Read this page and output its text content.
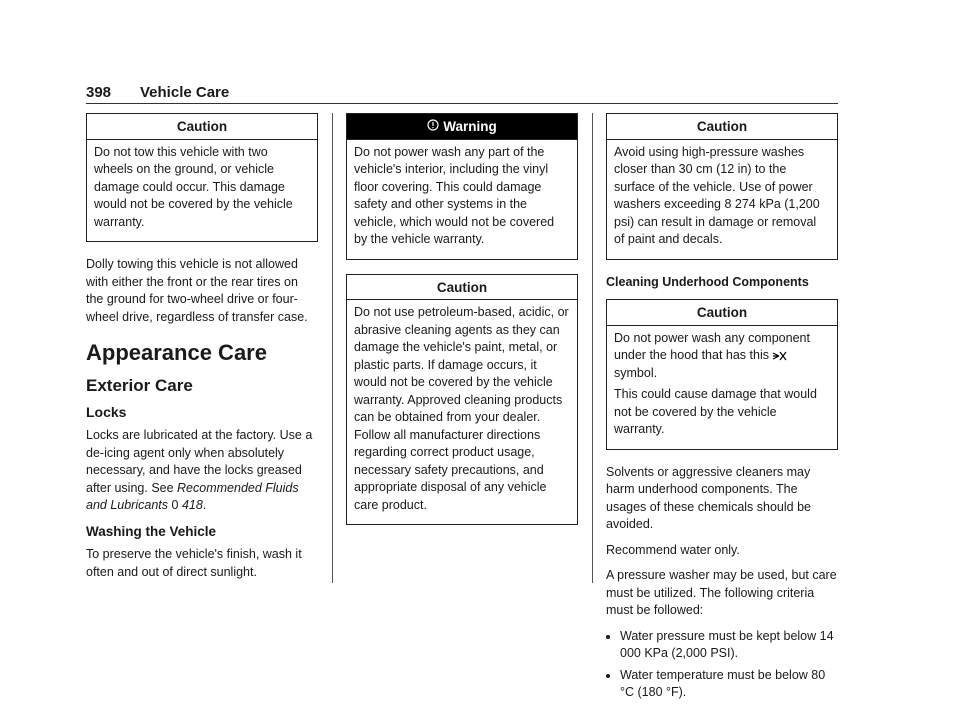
398 Vehicle Care
Caution

Do not tow this vehicle with two wheels on the ground, or vehicle damage could occur. This damage would not be covered by the vehicle warranty.

Dolly towing this vehicle is not allowed with either the front or the rear tires on the ground for two-wheel drive or four-wheel drive, regardless of transfer case.

Appearance Care
Exterior Care
Locks

Locks are lubricated at the factory. Use a de-icing agent only when absolutely necessary, and have the locks greased after using. See Recommended Fluids and Lubricants 0 418.

Washing the Vehicle

To preserve the vehicle's finish, wash it often and out of direct sunlight.

Warning

Do not power wash any part of the vehicle's interior, including the vinyl floor covering. This could damage safety and other systems in the vehicle, which would not be covered by the vehicle warranty.

Caution

Do not use petroleum-based, acidic, or abrasive cleaning agents as they can damage the vehicle's paint, metal, or plastic parts. If damage occurs, it would not be covered by the vehicle warranty. Approved cleaning products can be obtained from your dealer. Follow all manufacturer directions regarding correct product usage, necessary safety precautions, and appropriate disposal of any vehicle care product.

Caution

Avoid using high-pressure washes closer than 30 cm (12 in) to the surface of the vehicle. Use of power washers exceeding 8 274 kPa (1,200 psi) can result in damage or removal of paint and decals.

Cleaning Underhood Components
Caution

Do not power wash any component under the hood that has this
symbol.

This could cause damage that would not be covered by the vehicle warranty.

Solvents or aggressive cleaners may harm underhood components. The usages of these chemicals should be avoided.

Recommend water only.

A pressure washer may be used, but care must be utilized. The following criteria must be followed:

• Water pressure must be kept below 14 000 KPa (2,000 PSI).
• Water temperature must be below 80 °C (180 °F).
